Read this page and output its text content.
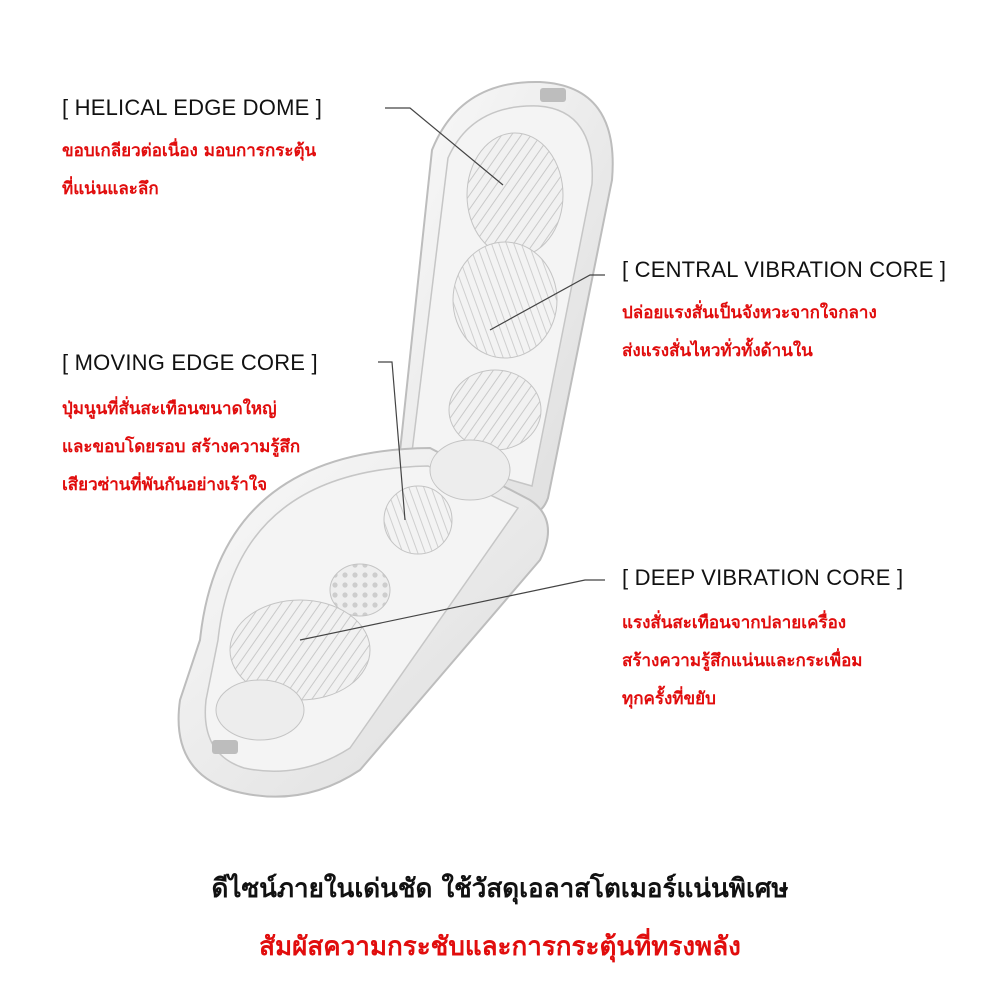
[ HELICAL EDGE DOME ]
ขอบเกลียวต่อเนื่อง มอบการกระตุ้น
ที่แน่นและลึก
[ CENTRAL VIBRATION CORE ]
ปล่อยแรงสั่นเป็นจังหวะจากใจกลาง
ส่งแรงสั่นไหวทั่วทั้งด้านใน
[ MOVING EDGE CORE ]
ปุ่มนูนที่สั่นสะเทือนขนาดใหญ่
และขอบโดยรอบ สร้างความรู้สึก
เสียวซ่านที่พันกันอย่างเร้าใจ
[ DEEP VIBRATION CORE ]
แรงสั่นสะเทือนจากปลายเครื่อง
สร้างความรู้สึกแน่นและกระเพื่อม
ทุกครั้งที่ขยับ
ดีไซน์ภายในเด่นชัด ใช้วัสดุเอลาสโตเมอร์แน่นพิเศษ
สัมผัสความกระชับและการกระตุ้นที่ทรงพลัง
